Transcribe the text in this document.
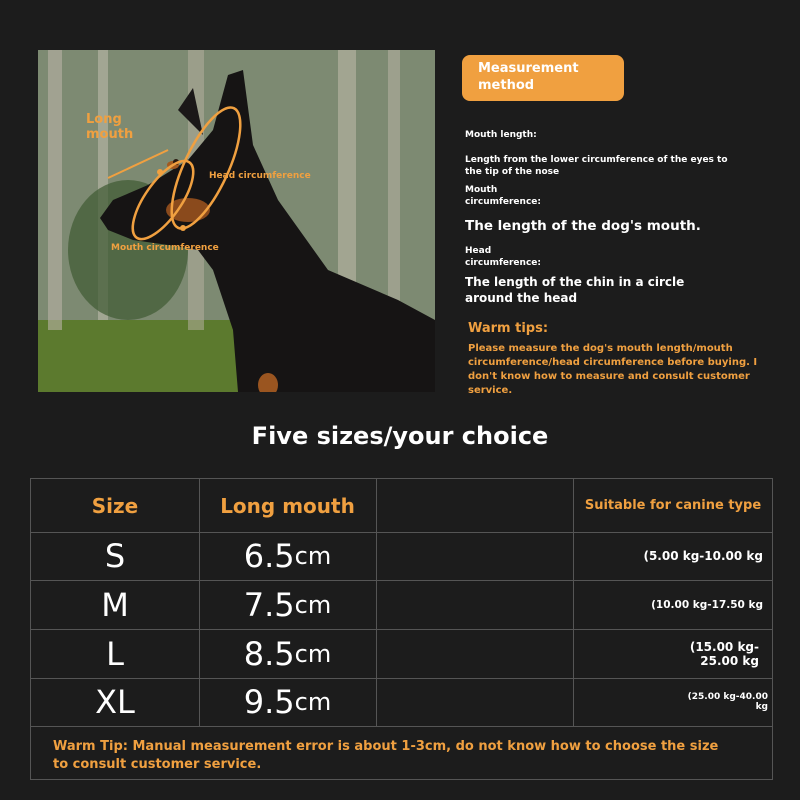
Long
mouth
Head circumference
Mouth circumference
Measurement method
Mouth length:
Length from the lower circumference of the eyes to the tip of the nose
Mouth circumference:
The length of the dog's mouth.
Head circumference:
The length of the chin in a circle around the head
Warm tips:
Please measure the dog's mouth length/mouth circumference/head circumference before buying. I don't know how to measure and consult customer service.
Five sizes/your choice
Size	Long mouth	Suitable for canine type
S	6.5 cm	(5.00 kg-10.00 kg
M	7.5 cm	(10.00 kg-17.50 kg
L	8.5 cm	(15.00 kg-25.00 kg
XL	9.5 cm	(25.00 kg-40.00 kg
Warm Tip: Manual measurement error is about 1-3cm, do not know how to choose the size to consult customer service.
